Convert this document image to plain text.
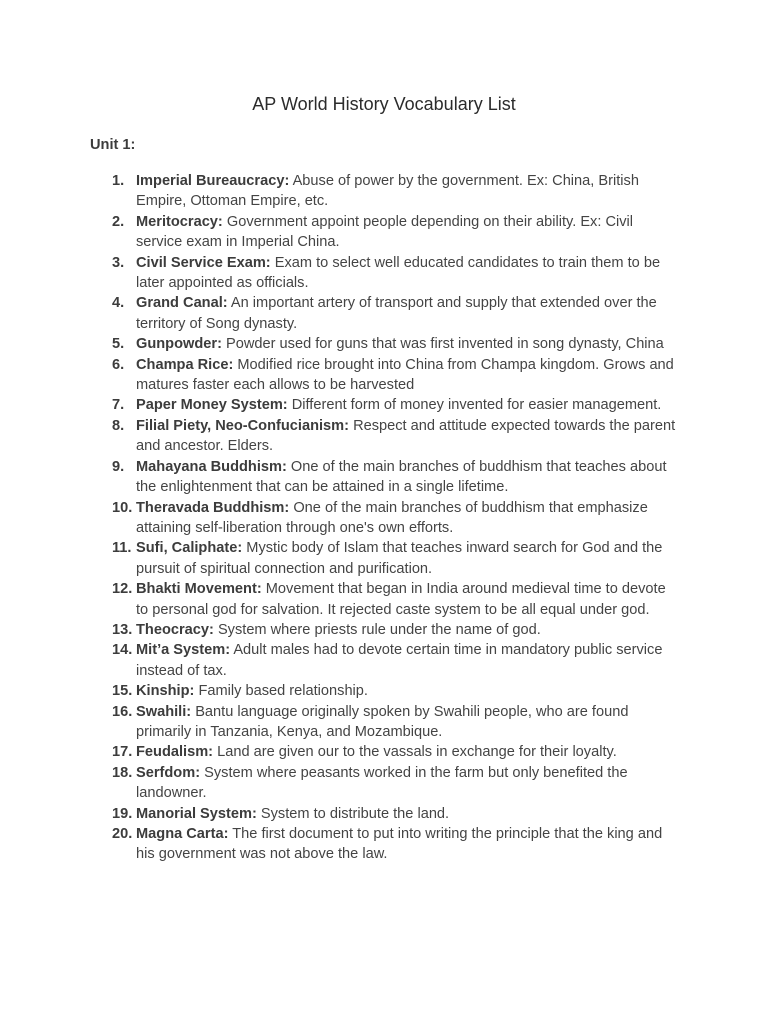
AP World History Vocabulary List
Unit 1:
1. Imperial Bureaucracy: Abuse of power by the government. Ex: China, British Empire, Ottoman Empire, etc.
2. Meritocracy: Government appoint people depending on their ability. Ex: Civil service exam in Imperial China.
3. Civil Service Exam: Exam to select well educated candidates to train them to be later appointed as officials.
4. Grand Canal: An important artery of transport and supply that extended over the territory of Song dynasty.
5. Gunpowder: Powder used for guns that was first invented in song dynasty, China
6. Champa Rice: Modified rice brought into China from Champa kingdom. Grows and matures faster each allows to be harvested
7. Paper Money System: Different form of money invented for easier management.
8. Filial Piety, Neo-Confucianism: Respect and attitude expected towards the parent and ancestor. Elders.
9. Mahayana Buddhism: One of the main branches of buddhism that teaches about the enlightenment that can be attained in a single lifetime.
10. Theravada Buddhism: One of the main branches of buddhism that emphasize attaining self-liberation through one's own efforts.
11. Sufi, Caliphate: Mystic body of Islam that teaches inward search for God and the pursuit of spiritual connection and purification.
12. Bhakti Movement: Movement that began in India around medieval time to devote to personal god for salvation. It rejected caste system to be all equal under god.
13. Theocracy: System where priests rule under the name of god.
14. Mit’a System: Adult males had to devote certain time in mandatory public service instead of tax.
15. Kinship: Family based relationship.
16. Swahili: Bantu language originally spoken by Swahili people, who are found primarily in Tanzania, Kenya, and Mozambique.
17. Feudalism: Land are given our to the vassals in exchange for their loyalty.
18. Serfdom: System where peasants worked in the farm but only benefited the landowner.
19. Manorial System: System to distribute the land.
20. Magna Carta: The first document to put into writing the principle that the king and his government was not above the law.
